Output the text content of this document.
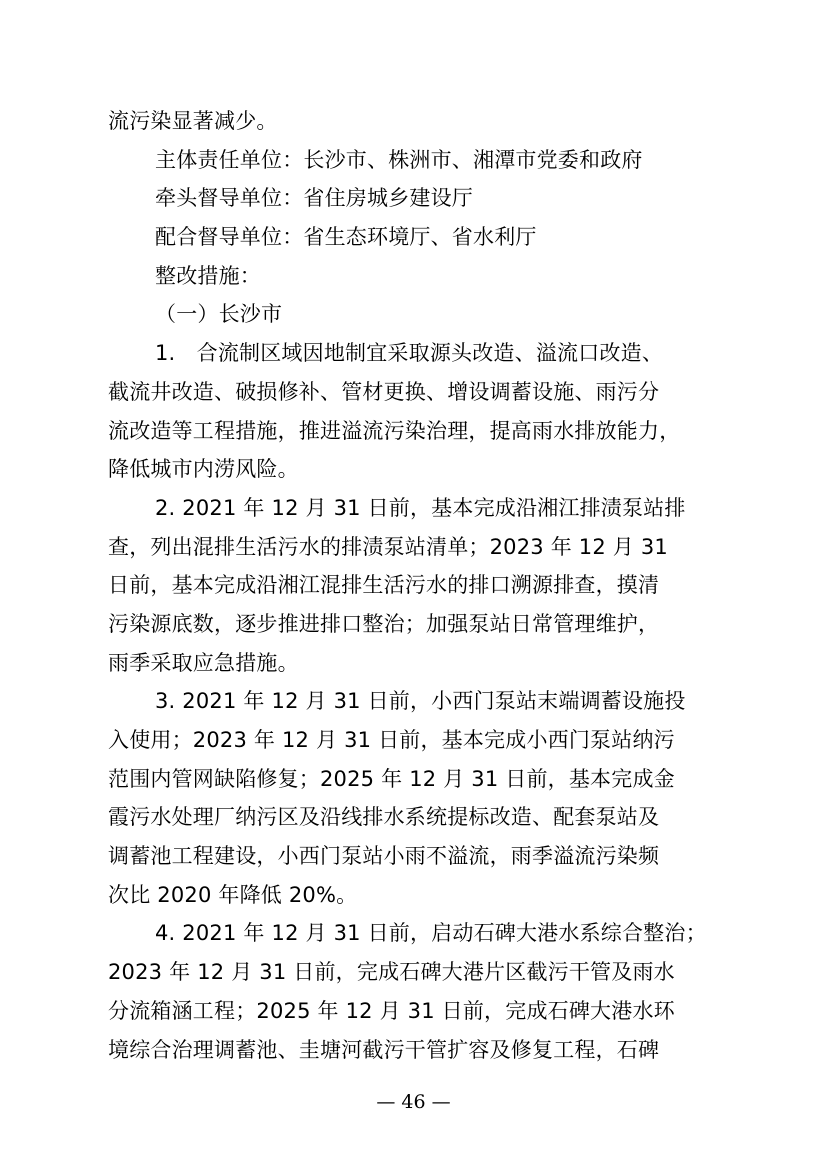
流污染显著减少。
主体责任单位：长沙市、株洲市、湘潭市党委和政府
牵头督导单位：省住房城乡建设厅
配合督导单位：省生态环境厅、省水利厅
整改措施：
（一）长沙市
1.　合流制区域因地制宜采取源头改造、溢流口改造、
截流井改造、破损修补、管材更换、增设调蓄设施、雨污分
流改造等工程措施，推进溢流污染治理，提高雨水排放能力，
降低城市内涝风险。
2. 2021 年 12 月 31 日前，基本完成沿湘江排渍泵站排
查，列出混排生活污水的排渍泵站清单；2023 年 12 月 31
日前，基本完成沿湘江混排生活污水的排口溯源排查，摸清
污染源底数，逐步推进排口整治；加强泵站日常管理维护，
雨季采取应急措施。
3. 2021 年 12 月 31 日前，小西门泵站末端调蓄设施投
入使用；2023 年 12 月 31 日前，基本完成小西门泵站纳污
范围内管网缺陷修复；2025 年 12 月 31 日前，基本完成金
霞污水处理厂纳污区及沿线排水系统提标改造、配套泵站及
调蓄池工程建设，小西门泵站小雨不溢流，雨季溢流污染频
次比 2020 年降低 20%。
4. 2021 年 12 月 31 日前，启动石碑大港水系综合整治；
2023 年 12 月 31 日前，完成石碑大港片区截污干管及雨水
分流箱涵工程；2025 年 12 月 31 日前，完成石碑大港水环
境综合治理调蓄池、圭塘河截污干管扩容及修复工程，石碑
— 46 —
